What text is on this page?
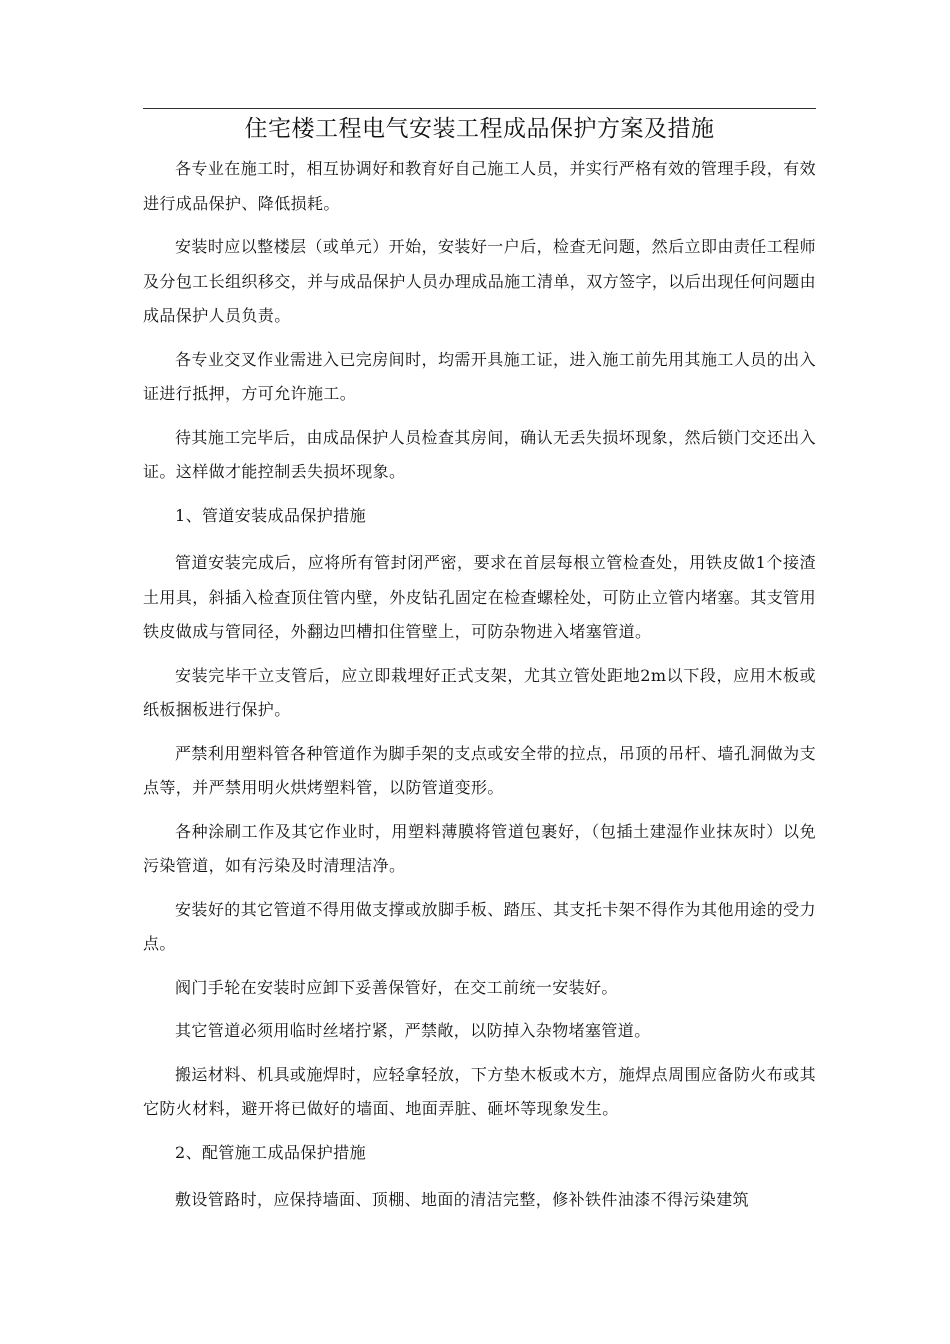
住宅楼工程电气安装工程成品保护方案及措施

各专业在施工时，相互协调好和教育好自己施工人员，并实行严格有效的管理手段，有效进行成品保护、降低损耗。

安装时应以整楼层（或单元）开始，安装好一户后，检查无问题，然后立即由责任工程师及分包工长组织移交，并与成品保护人员办理成品施工清单，双方签字，以后出现任何问题由成品保护人员负责。

各专业交叉作业需进入已完房间时，均需开具施工证，进入施工前先用其施工人员的出入证进行抵押，方可允许施工。

待其施工完毕后，由成品保护人员检查其房间，确认无丢失损坏现象，然后锁门交还出入证。这样做才能控制丢失损坏现象。

1、管道安装成品保护措施

管道安装完成后，应将所有管封闭严密，要求在首层每根立管检查处，用铁皮做1个接渣土用具，斜插入检查顶住管内壁，外皮钻孔固定在检查螺栓处，可防止立管内堵塞。其支管用铁皮做成与管同径，外翻边凹槽扣住管壁上，可防杂物进入堵塞管道。

安装完毕干立支管后，应立即栽埋好正式支架，尤其立管处距地2m以下段，应用木板或纸板捆板进行保护。

严禁利用塑料管各种管道作为脚手架的支点或安全带的拉点，吊顶的吊杆、墙孔洞做为支点等，并严禁用明火烘烤塑料管，以防管道变形。

各种涂刷工作及其它作业时，用塑料薄膜将管道包裹好，（包插土建湿作业抹灰时）以免污染管道，如有污染及时清理洁净。

安装好的其它管道不得用做支撑或放脚手板、踏压、其支托卡架不得作为其他用途的受力点。

阀门手轮在安装时应卸下妥善保管好，在交工前统一安装好。

其它管道必须用临时丝堵拧紧，严禁敞，以防掉入杂物堵塞管道。

搬运材料、机具或施焊时，应轻拿轻放，下方垫木板或木方，施焊点周围应备防火布或其它防火材料，避开将已做好的墙面、地面弄脏、砸坏等现象发生。

2、配管施工成品保护措施

敷设管路时，应保持墙面、顶棚、地面的清洁完整，修补铁件油漆不得污染建筑
